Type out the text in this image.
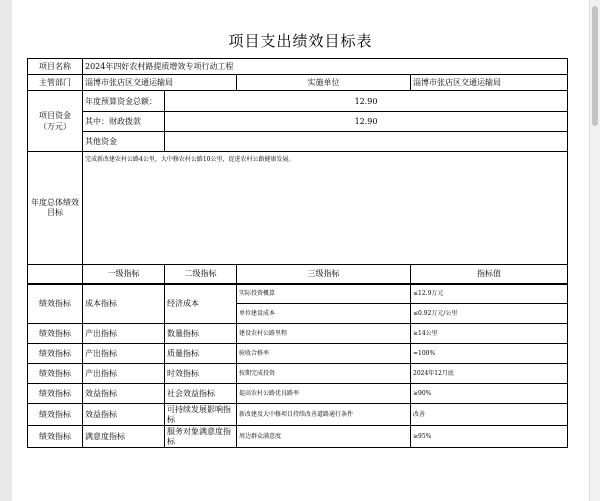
项目支出绩效目标表
项目名称	2024年四好农村路提质增效专项行动工程			
主管部门	淄博市张店区交通运输局		实施单位	淄博市张店区交通运输局

项目资金
（万元）	年度预算资金总额：	12.90		
	其中：财政拨款	12.90		
	其他资金			
年度总体绩效目标	完成新改建农村公路4公里，大中修农村公路10公里，促进农村公路健康发展。			
	一级指标	二级指标	三级指标	指标值
绩效指标	成本指标	经济成本	实际投资概算	≤12.9万元
			单位建设成本	≤0.92万元/公里
绩效指标	产出指标	数量指标	建设农村公路里程	≥14公里
绩效指标	产出指标	质量指标	验收合格率	=100%
绩效指标	产出指标	时效指标	按期完成投资	2024年12月底
绩效指标	效益指标	社会效益指标	提高农村公路优良路率	≥90%
绩效指标	效益指标	可持续发展影响指标	新改建及大中修项目持续改善道路通行条件	改善
绩效指标	满意度指标	服务对象满意度指标	周边群众满意度	≥95%
